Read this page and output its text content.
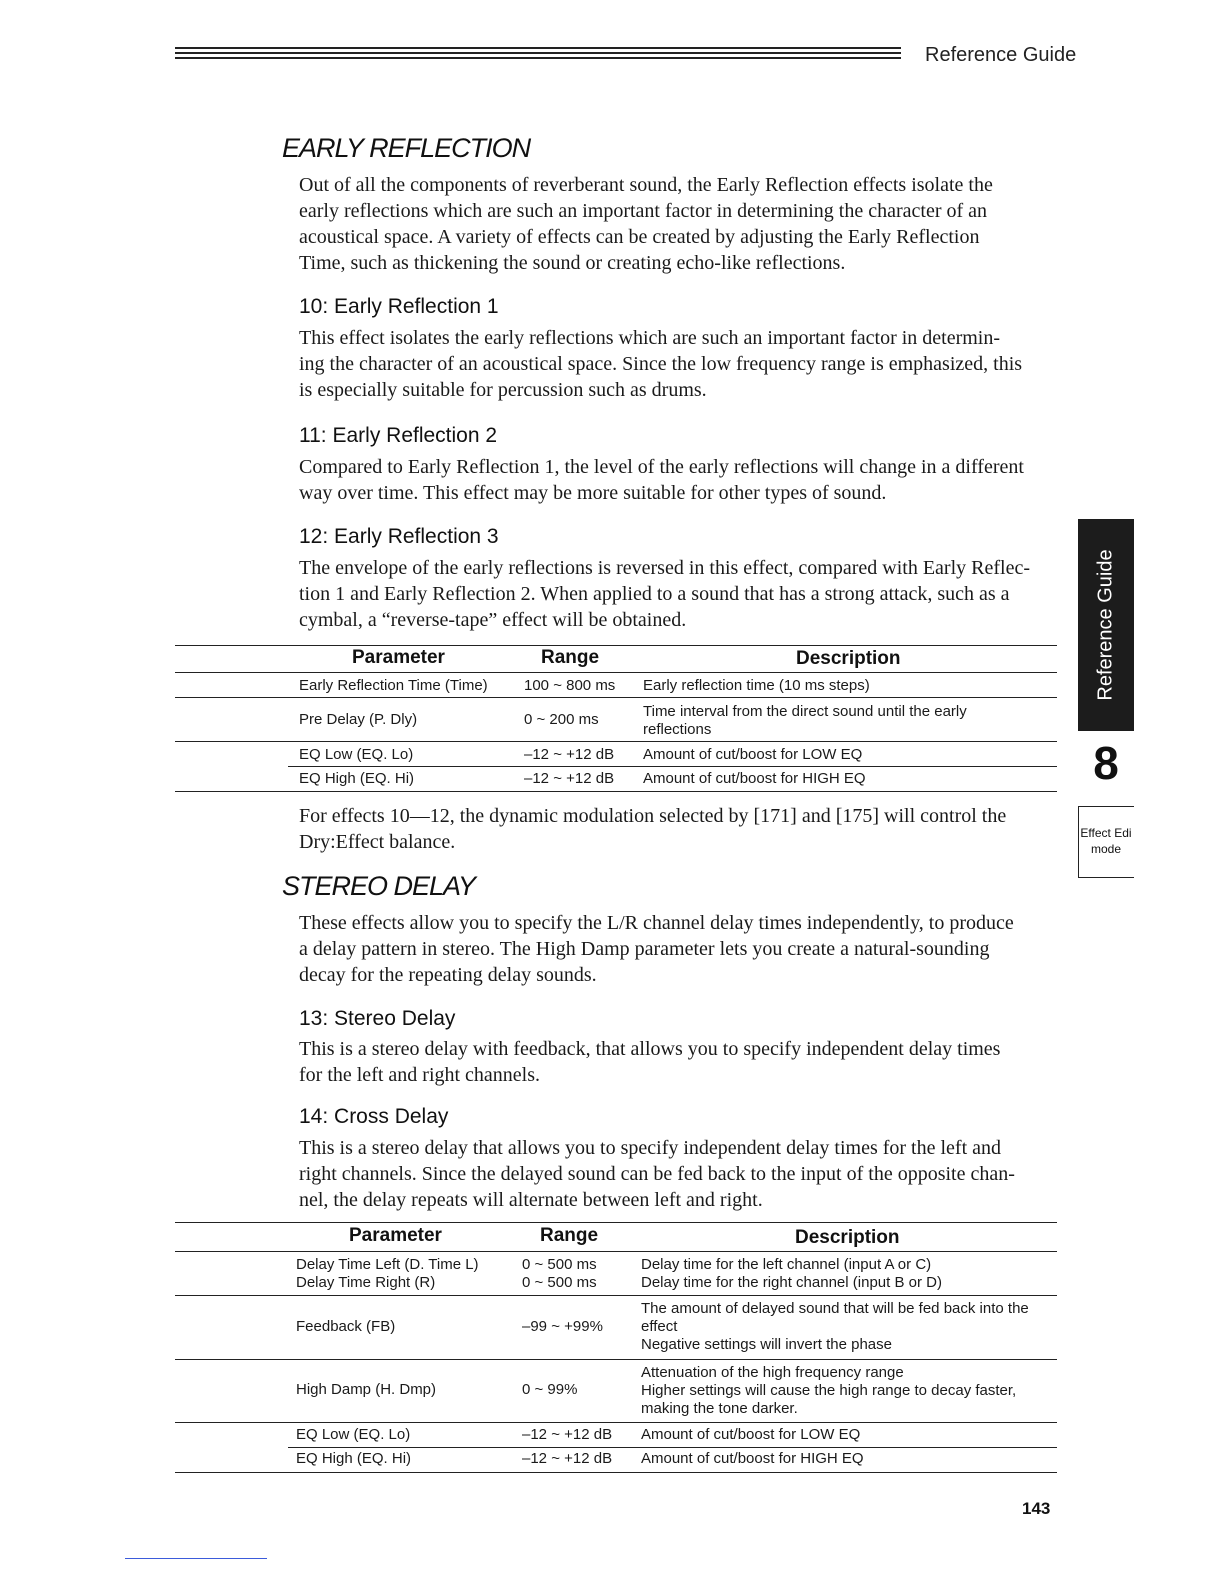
Reference Guide
Reference Guide
8
Effect Edi
mode
EARLY REFLECTION
Out of all the components of reverberant sound, the Early Reflection effects isolate the
early reflections which are such an important factor in determining the character of an
acoustical space. A variety of effects can be created by adjusting the Early Reflection
Time, such as thickening the sound or creating echo-like reflections.
10: Early Reflection 1
This effect isolates the early reflections which are such an important factor in determin-
ing the character of an acoustical space. Since the low frequency range is emphasized, this
is especially suitable for percussion such as drums.
11: Early Reflection 2
Compared to Early Reflection 1, the level of the early reflections will change in a different
way over time. This effect may be more suitable for other types of sound.
12: Early Reflection 3
The envelope of the early reflections is reversed in this effect, compared with Early Reflec-
tion 1 and Early Reflection 2. When applied to a sound that has a strong attack, such as a
cymbal, a “reverse-tape” effect will be obtained.
Parameter	Range	Description
Early Reflection Time (Time) 100 ~ 800 ms Early reflection time (10 ms steps)
Pre Delay (P. Dly)	0 ~ 200 ms	Time interval from the direct sound until the early
reflections
EQ Low (EQ. Lo)	–12 ~ +12 dB Amount of cut/boost for LOW EQ
EQ High (EQ. Hi)	–12 ~ +12 dB Amount of cut/boost for HIGH EQ
For effects 10—12, the dynamic modulation selected by [171] and [175] will control the
Dry:Effect balance.
STEREO DELAY
These effects allow you to specify the L/R channel delay times independently, to produce
a delay pattern in stereo. The High Damp parameter lets you create a natural-sounding
decay for the repeating delay sounds.
13: Stereo Delay
This is a stereo delay with feedback, that allows you to specify independent delay times
for the left and right channels.
14: Cross Delay
This is a stereo delay that allows you to specify independent delay times for the left and
right channels. Since the delayed sound can be fed back to the input of the opposite chan-
nel, the delay repeats will alternate between left and right.
Parameter	Range	Description
Delay Time Left (D. Time L)	0 ~ 500 ms	Delay time for the left channel (input A or C)
Delay Time Right (R)	0 ~ 500 ms	Delay time for the right channel (input B or D)
Feedback (FB)	–99 ~ +99%
The amount of delayed sound that will be fed back into the
effect
Negative settings will invert the phase
High Damp (H. Dmp)	0 ~ 99%
Attenuation of the high frequency range
Higher settings will cause the high range to decay faster,
making the tone darker.
EQ Low (EQ. Lo)	–12 ~ +12 dB Amount of cut/boost for LOW EQ
EQ High (EQ. Hi)	–12 ~ +12 dB Amount of cut/boost for HIGH EQ
143
